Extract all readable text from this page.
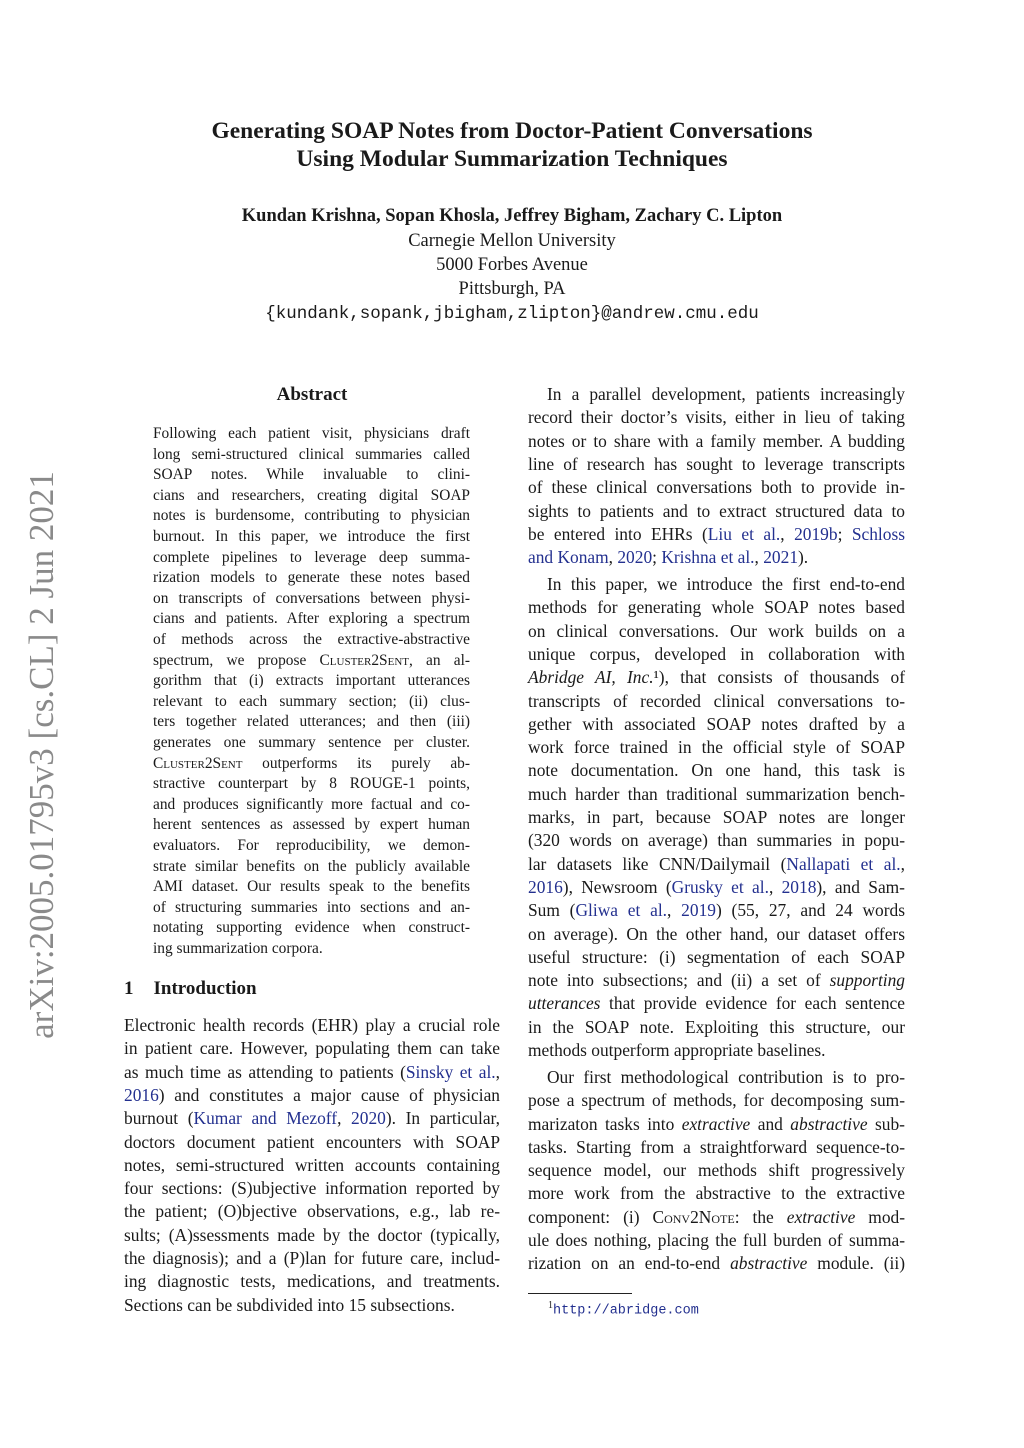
arXiv:2005.01795v3 [cs.CL] 2 Jun 2021
Generating SOAP Notes from Doctor-Patient Conversations
Using Modular Summarization Techniques
Kundan Krishna, Sopan Khosla, Jeffrey Bigham, Zachary C. Lipton
Carnegie Mellon University
5000 Forbes Avenue
Pittsburgh, PA
{kundank,sopank,jbigham,zlipton}@andrew.cmu.edu
Abstract
Following each patient visit, physicians draft
long semi-structured clinical summaries called
SOAP notes. While invaluable to clini-
cians and researchers, creating digital SOAP
notes is burdensome, contributing to physician
burnout. In this paper, we introduce the first
complete pipelines to leverage deep summa-
rization models to generate these notes based
on transcripts of conversations between physi-
cians and patients. After exploring a spectrum
of methods across the extractive-abstractive
spectrum, we propose Cluster2Sent, an al-
gorithm that (i) extracts important utterances
relevant to each summary section; (ii) clus-
ters together related utterances; and then (iii)
generates one summary sentence per cluster.
Cluster2Sent outperforms its purely ab-
stractive counterpart by 8 ROUGE-1 points,
and produces significantly more factual and co-
herent sentences as assessed by expert human
evaluators. For reproducibility, we demon-
strate similar benefits on the publicly available
AMI dataset. Our results speak to the benefits
of structuring summaries into sections and an-
notating supporting evidence when construct-
ing summarization corpora.
1 Introduction
Electronic health records (EHR) play a crucial role
in patient care. However, populating them can take
as much time as attending to patients (Sinsky et al.,
2016) and constitutes a major cause of physician
burnout (Kumar and Mezoff, 2020). In particular,
doctors document patient encounters with SOAP
notes, semi-structured written accounts containing
four sections: (S)ubjective information reported by
the patient; (O)bjective observations, e.g., lab re-
sults; (A)ssessments made by the doctor (typically,
the diagnosis); and a (P)lan for future care, includ-
ing diagnostic tests, medications, and treatments.
Sections can be subdivided into 15 subsections.
In a parallel development, patients increasingly
record their doctor’s visits, either in lieu of taking
notes or to share with a family member. A budding
line of research has sought to leverage transcripts
of these clinical conversations both to provide in-
sights to patients and to extract structured data to
be entered into EHRs (Liu et al., 2019b; Schloss
and Konam, 2020; Krishna et al., 2021).
In this paper, we introduce the first end-to-end
methods for generating whole SOAP notes based
on clinical conversations. Our work builds on a
unique corpus, developed in collaboration with
Abridge AI, Inc.¹), that consists of thousands of
transcripts of recorded clinical conversations to-
gether with associated SOAP notes drafted by a
work force trained in the official style of SOAP
note documentation. On one hand, this task is
much harder than traditional summarization bench-
marks, in part, because SOAP notes are longer
(320 words on average) than summaries in popu-
lar datasets like CNN/Dailymail (Nallapati et al.,
2016), Newsroom (Grusky et al., 2018), and Sam-
Sum (Gliwa et al., 2019) (55, 27, and 24 words
on average). On the other hand, our dataset offers
useful structure: (i) segmentation of each SOAP
note into subsections; and (ii) a set of supporting
utterances that provide evidence for each sentence
in the SOAP note. Exploiting this structure, our
methods outperform appropriate baselines.
Our first methodological contribution is to pro-
pose a spectrum of methods, for decomposing sum-
marizaton tasks into extractive and abstractive sub-
tasks. Starting from a straightforward sequence-to-
sequence model, our methods shift progressively
more work from the abstractive to the extractive
component: (i) Conv2Note: the extractive mod-
ule does nothing, placing the full burden of summa-
rization on an end-to-end abstractive module. (ii)
$^1$http://abridge.com
